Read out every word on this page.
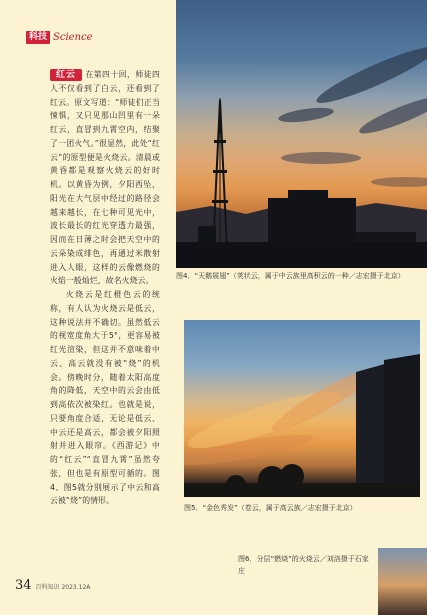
科技 Science

红云 在第四十回，师徒四人不仅看到了白云，还看到了红云。原文写道：“师徒们正当悚惧，又只见那山凹里有一朵红云，直冒到九霄空内，结聚了一团火气。”很显然，此处“红云”的原型便是火烧云。清晨或黄昏都是观察火烧云的好时机。以黄昏为例，夕阳西坠，阳光在大气层中经过的路径会越来越长，在七种可见光中，波长最长的红光穿透力最强，因而在日薄之时会把天空中的云朵染成绯色，再通过米散射进入人眼，这样的云像燃烧的火焰一般灿烂，故名火烧云。

火烧云是红橙色云的统称，有人认为火烧云是低云，这种说法并不确切。虽然低云的视宽度角大于5°，更容易被红光渲染，但这并不意味着中云、高云就没有被“烧”的机会。傍晚时分，随着太阳高度角的降低，天空中的云会由低到高依次被染红。也就是说，只要角度合适，无论是低云、中云还是高云，都会被夕阳照射并进入眼帘。《西游记》中的“红云”“直冒九霄”虽然夸张，但也是有原型可循的。图4、图5就分别展示了中云和高云被“烧”的情形。

图4．“天鹅展翅”（荚状云，属于中云族里高积云的一种／志宏摄于北京）
图5．“金色秀发”（卷云，属于高云族／志宏摄于北京）
图6．分层“燃烧”的火烧云／刘洛摄于石家庄
34 百科知识 2023.12A
